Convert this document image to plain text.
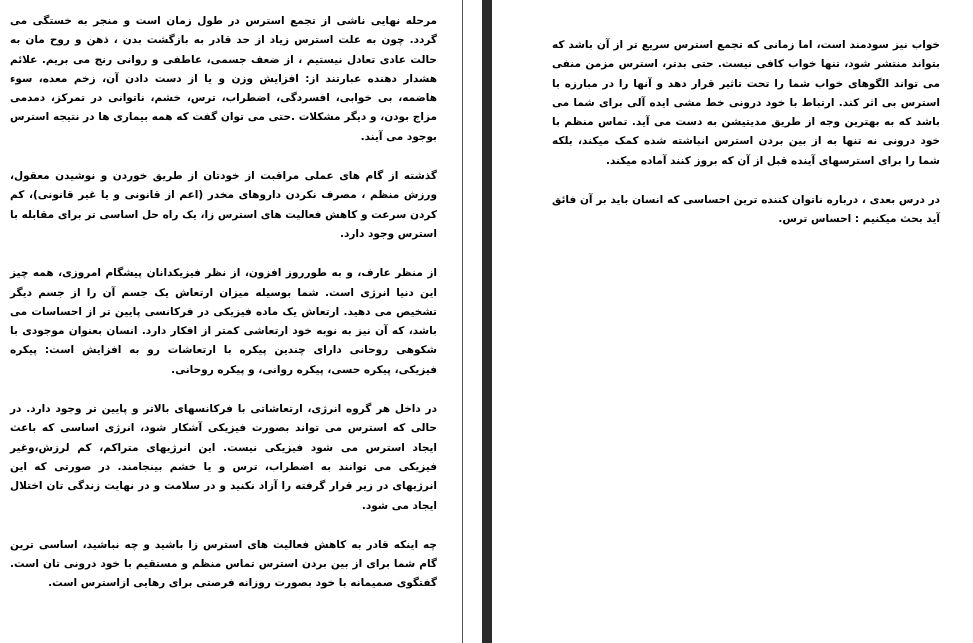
مرحله نهایی ناشی از تجمع استرس در طول زمان است و منجر به خستگی می گردد. چون به علت استرس زیاد از حد قادر به بازگشت بدن ، ذهن و روح مان به حالت عادی تعادل نیستیم ، از ضعف جسمی، عاطفی و روانی رنج می بریم. علائم هشدار دهنده عبارتند از: افزایش وزن و یا از دست دادن آن، زخم معده، سوء هاضمه، بی خوابی، افسردگی، اضطراب، ترس، خشم، ناتوانی در تمرکز، دمدمی مزاج بودن، و دیگر مشکلات .حتی می توان گفت که همه بیماری ها در نتیجه استرس بوجود می آیند.

گذشته از گام های عملی مراقبت از خودتان از طریق خوردن و نوشیدن معقول، ورزش منظم ، مصرف نکردن داروهای مخدر (اعم از قانونی و یا غیر قانونی)، کم کردن سرعت و کاهش فعالیت های استرس زا، یک راه حل اساسی تر برای مقابله با استرس وجود دارد.

از منظر عارف، و به طورروز افزون، از نظر فیزیکدانان پیشگام امروزی، همه چیز این دنیا انرژی است. شما بوسیله میزان ارتعاش یک جسم آن را از جسم دیگر تشخیص می دهید. ارتعاش یک ماده فیزیکی در فرکانسی پایین تر از احساسات می باشد، که آن نیز به نوبه خود ارتعاشی کمتر از افکار دارد. انسان بعنوان موجودی با شکوهی روحانی دارای چندین پیکره با ارتعاشات رو به افزایش است: پیکره فیزیکی، پیکره حسی، پیکره روانی، و پیکره روحانی.

در داخل هر گروه انرژی، ارتعاشاتی با فرکانسهای بالاتر و پایین تر وجود دارد. در حالی که استرس می تواند بصورت فیزیکی آشکار شود، انرژی اساسی که باعث ایجاد استرس می شود فیزیکی نیست. این انرژیهای متراکم، کم لرزش،وغیر فیزیکی می توانند به اضطراب، ترس و یا خشم بینجامند. در صورتی که این انرژیهای در زیر قرار گرفته را آزاد نکنید و در سلامت و در نهایت زندگی تان اختلال ایجاد می شود.

چه اینکه قادر به کاهش فعالیت های استرس زا باشید و چه نباشید، اساسی ترین گام شما برای از بین بردن استرس تماس منظم و مستقیم با خود درونی تان است. گفتگوی صمیمانه با خود بصورت روزانه فرصتی برای رهایی ازاسترس است.

خواب نیز سودمند است، اما زمانی که تجمع استرس سریع تر از آن باشد که بتواند منتشر شود، تنها خواب کافی نیست. حتی بدتر، استرس مزمن منفی می تواند الگوهای خواب شما را تحت تاثیر قرار دهد و آنها را در مبارزه با استرس بی اثر کند. ارتباط با خود درونی خط مشی ایده آلی برای شما می باشد که به بهترین وجه از طریق مدیتیشن به دست می آید. تماس منظم با خود درونی نه تنها به از بین بردن استرس انباشته شده کمک میکند، بلکه شما را برای استرسهای آینده قبل از آن که بروز کنند آماده میکند.

در درس بعدی ، درباره ناتوان کننده ترین احساسی که انسان باید بر آن فائق آید بحث میکنیم : احساس ترس.
